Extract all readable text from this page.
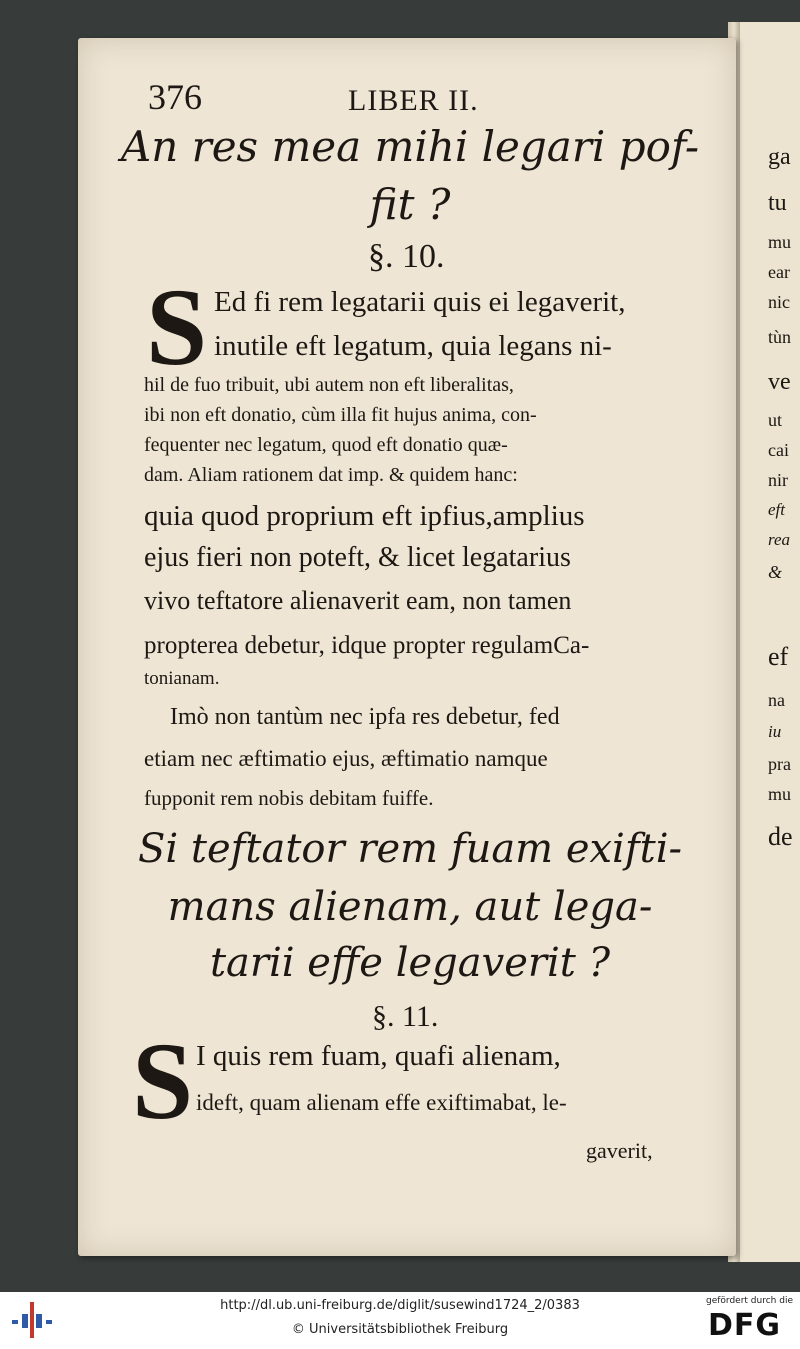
ga
tu
mu
ear
nic
tùn
ve
ut
cai
nir
eft
rea
&
ef
na
iu
pra
mu
de
376	LIBER II.
An res mea mihi legari pof-
fit ?
§. 10.
S Ed fi rem legatarii quis ei legaverit,
inutile eft legatum, quia legans ni-
hil de fuo tribuit, ubi autem non eft liberalitas,
ibi non eft donatio, cùm illa fit hujus anima, con-
fequenter nec legatum, quod eft donatio quæ-
dam. Aliam rationem dat imp. & quidem hanc:
quia quod proprium eft ipfius,amplius
ejus fieri non poteft, & licet legatarius
vivo teftatore alienaverit eam, non tamen
propterea debetur, idque propter regulamCa-
tonianam.
Imò non tantùm nec ipfa res debetur, fed
etiam nec æftimatio ejus, æftimatio namque
fupponit rem nobis debitam fuiffe.
Si teftator rem fuam exifti-
mans alienam, aut lega-
tarii effe legaverit ?
§. 11.
S I quis rem fuam, quafi alienam,
ideft, quam alienam effe exiftimabat, le-
gaverit,
http://dl.ub.uni-freiburg.de/diglit/susewind1724_2/0383
© Universitätsbibliothek Freiburg
gefördert durch die
DFG
